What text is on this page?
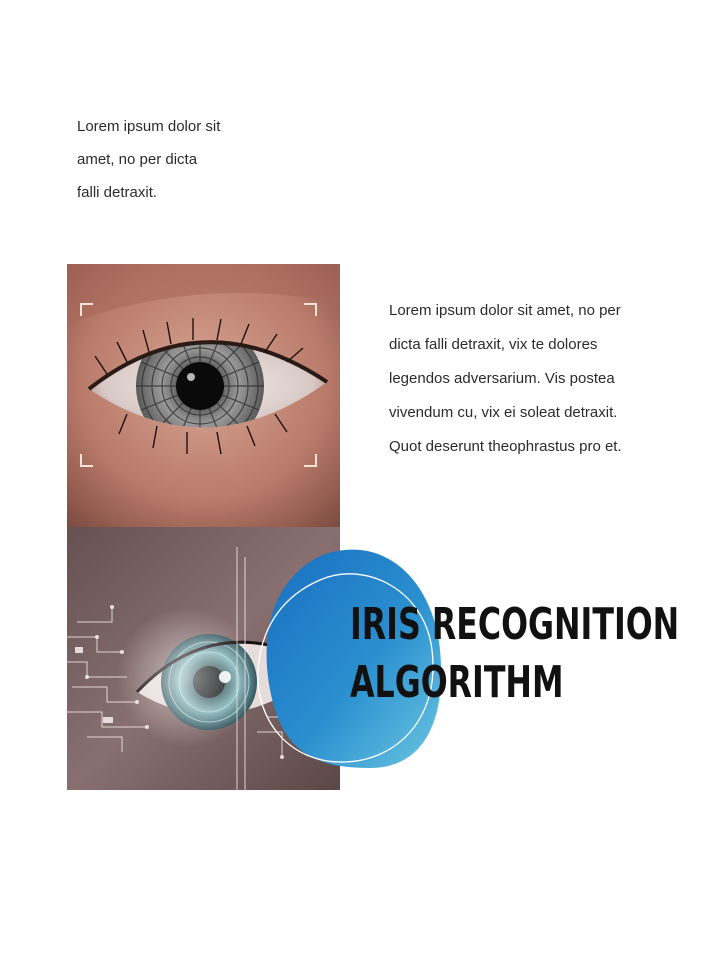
Lorem ipsum dolor sit
amet, no per dicta
falli detraxit.
Lorem ipsum dolor sit amet, no per
dicta falli detraxit, vix te dolores
legendos adversarium. Vis postea
vivendum cu, vix ei soleat detraxit.
Quot deserunt theophrastus pro et.
IRIS RECOGNITION
ALGORITHM
